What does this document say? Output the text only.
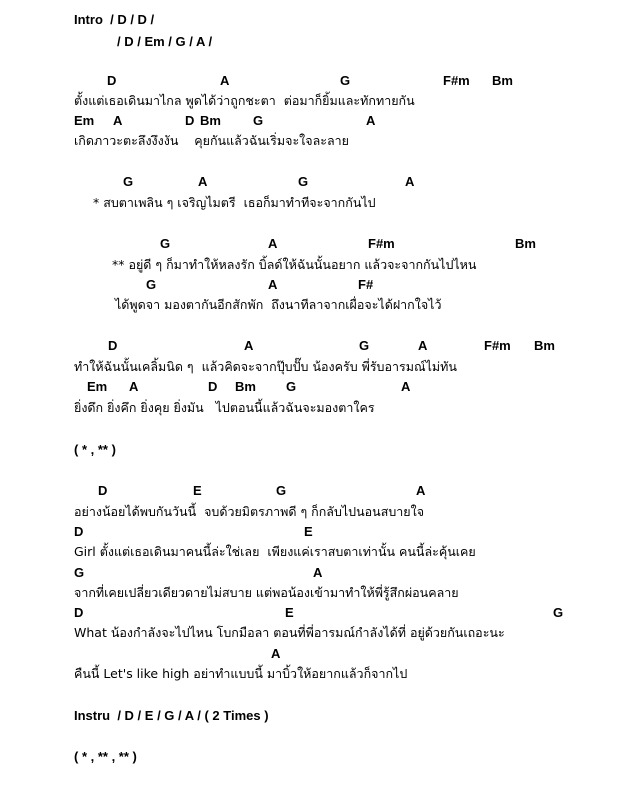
Intro  / D / D /
/ D / Em / G / A /
D	A	G	F#m Bm
ตั้งแต่เธอเดินมาไกล พูดได้ว่าถูกชะตา  ต่อมาก็ยิ้มและทักทายกัน
Em A	D Bm G	A
เกิดภาวะตะลึงงึงงัน    คุยกันแล้วฉันเริ่มจะใจละลาย
G	A	G	A
* สบตาเพลิน ๆ เจริญไมตรี  เธอก็มาทำทีจะจากกันไป
G	A	F#m	Bm
** อยู่ดี ๆ ก็มาทำให้หลงรัก บิ้ลด์ให้ฉันนั้นอยาก แล้วจะจากกันไปไหน
G	A	F#
ได้พูดจา มองตากันอีกสักพัก  ถึงนาทีลาจากเผื่อจะได้ฝากใจไว้
D	A	G	A	F#m Bm
ทำให้ฉันนั้นเคลิ้มนิด ๆ  แล้วคิดจะจากปุ๊บปั๊บ น้องครับ พี่รับอารมณ์ไม่ทัน
Em A	D Bm G	A
ยิ่งดึก ยิ่งคึก ยิ่งคุย ยิ่งมัน   ไปตอนนี้แล้วฉันจะมองตาใคร
( * , ** )
D	E	G	A
อย่างน้อยได้พบกันวันนี้  จบด้วยมิตรภาพดี ๆ ก็กลับไปนอนสบายใจ
D	E
Girl ตั้งแต่เธอเดินมาคนนี้ล่ะใช่เลย  เพียงแค่เราสบตาเท่านั้น คนนี้ล่ะคุ้นเคย
G	A
จากที่เคยเปลี่ยวเดียวดายไม่สบาย แต่พอน้องเข้ามาทำให้พี่รู้สึกผ่อนคลาย
D	E	G
What น้องกำลังจะไปไหน โบกมือลา ตอนที่พี่อารมณ์กำลังได้ที่ อยู่ด้วยกันเถอะนะ
A
คืนนี้ Let's like high อย่าทำแบบนี้ มาบิ้วให้อยากแล้วก็จากไป
Instru  / D / E / G / A / ( 2 Times )
( * , ** , ** )
